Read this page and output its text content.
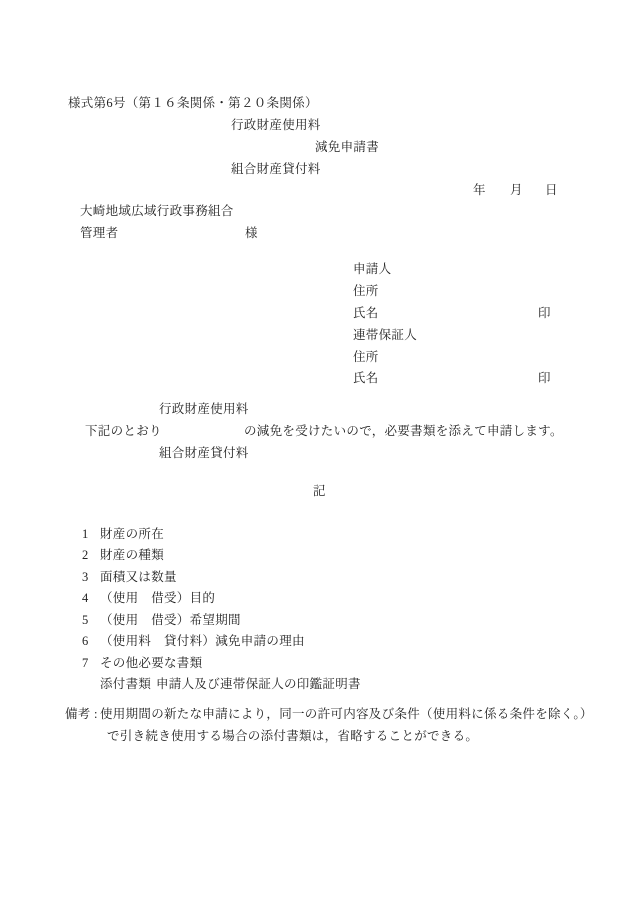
様式第6号（第１６条関係・第２０条関係）
行政財産使用料
減免申請書
組合財産貸付料
年 月 日
大崎地域広域行政事務組合
管理者	様
申請人
住所
氏名	印
連帯保証人
住所
氏名	印
行政財産使用料
下記のとおり	の減免を受けたいので，必要書類を添えて申請します。
組合財産貸付料
記
1 財産の所在
2 財産の種類
3 面積又は数量
4 （使用　借受）目的
5 （使用　借受）希望期間
6 （使用料　貸付料）減免申請の理由
7 その他必要な書類
添付書類 申請人及び連帯保証人の印鑑証明書
備考 : 使用期間の新たな申請により，同一の許可内容及び条件（使用料に係る条件を除く。）
で引き続き使用する場合の添付書類は，省略することができる。
